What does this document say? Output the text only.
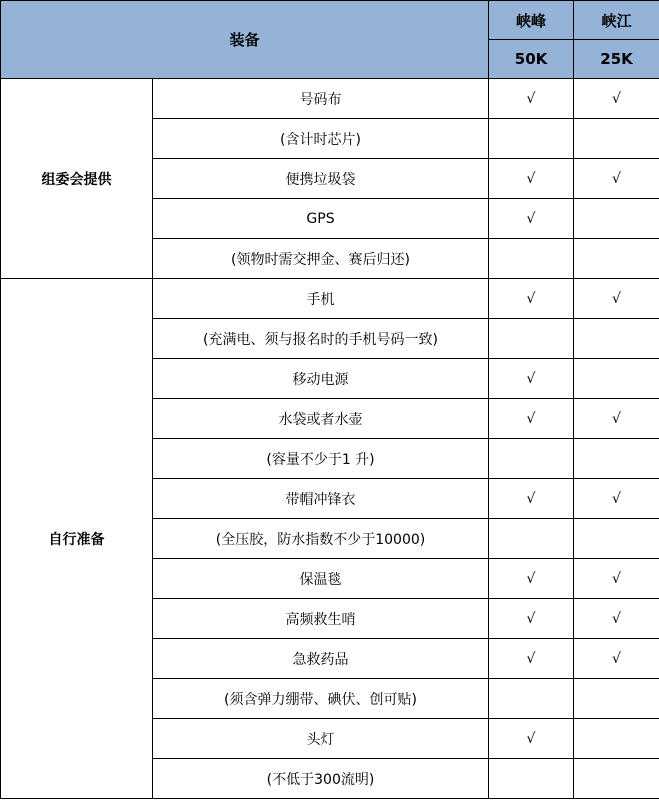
装备		峡峰	峡江
		50K	25K
组委会提供	号码布	√	√
	(含计时芯片)		
	便携垃圾袋	√	√
	GPS	√	
	(领物时需交押金、赛后归还)		
自行准备	手机	√	√
	(充满电、须与报名时的手机号码一致)		
	移动电源	√	
	水袋或者水壶	√	√
	(容量不少于1 升)		
	带帽冲锋衣	√	√
	(全压胶，防水指数不少于10000)		
	保温毯	√	√
	高频救生哨	√	√
	急救药品	√	√
	(须含弹力绷带、碘伏、创可贴)		
	头灯	√	
	(不低于300流明)		
